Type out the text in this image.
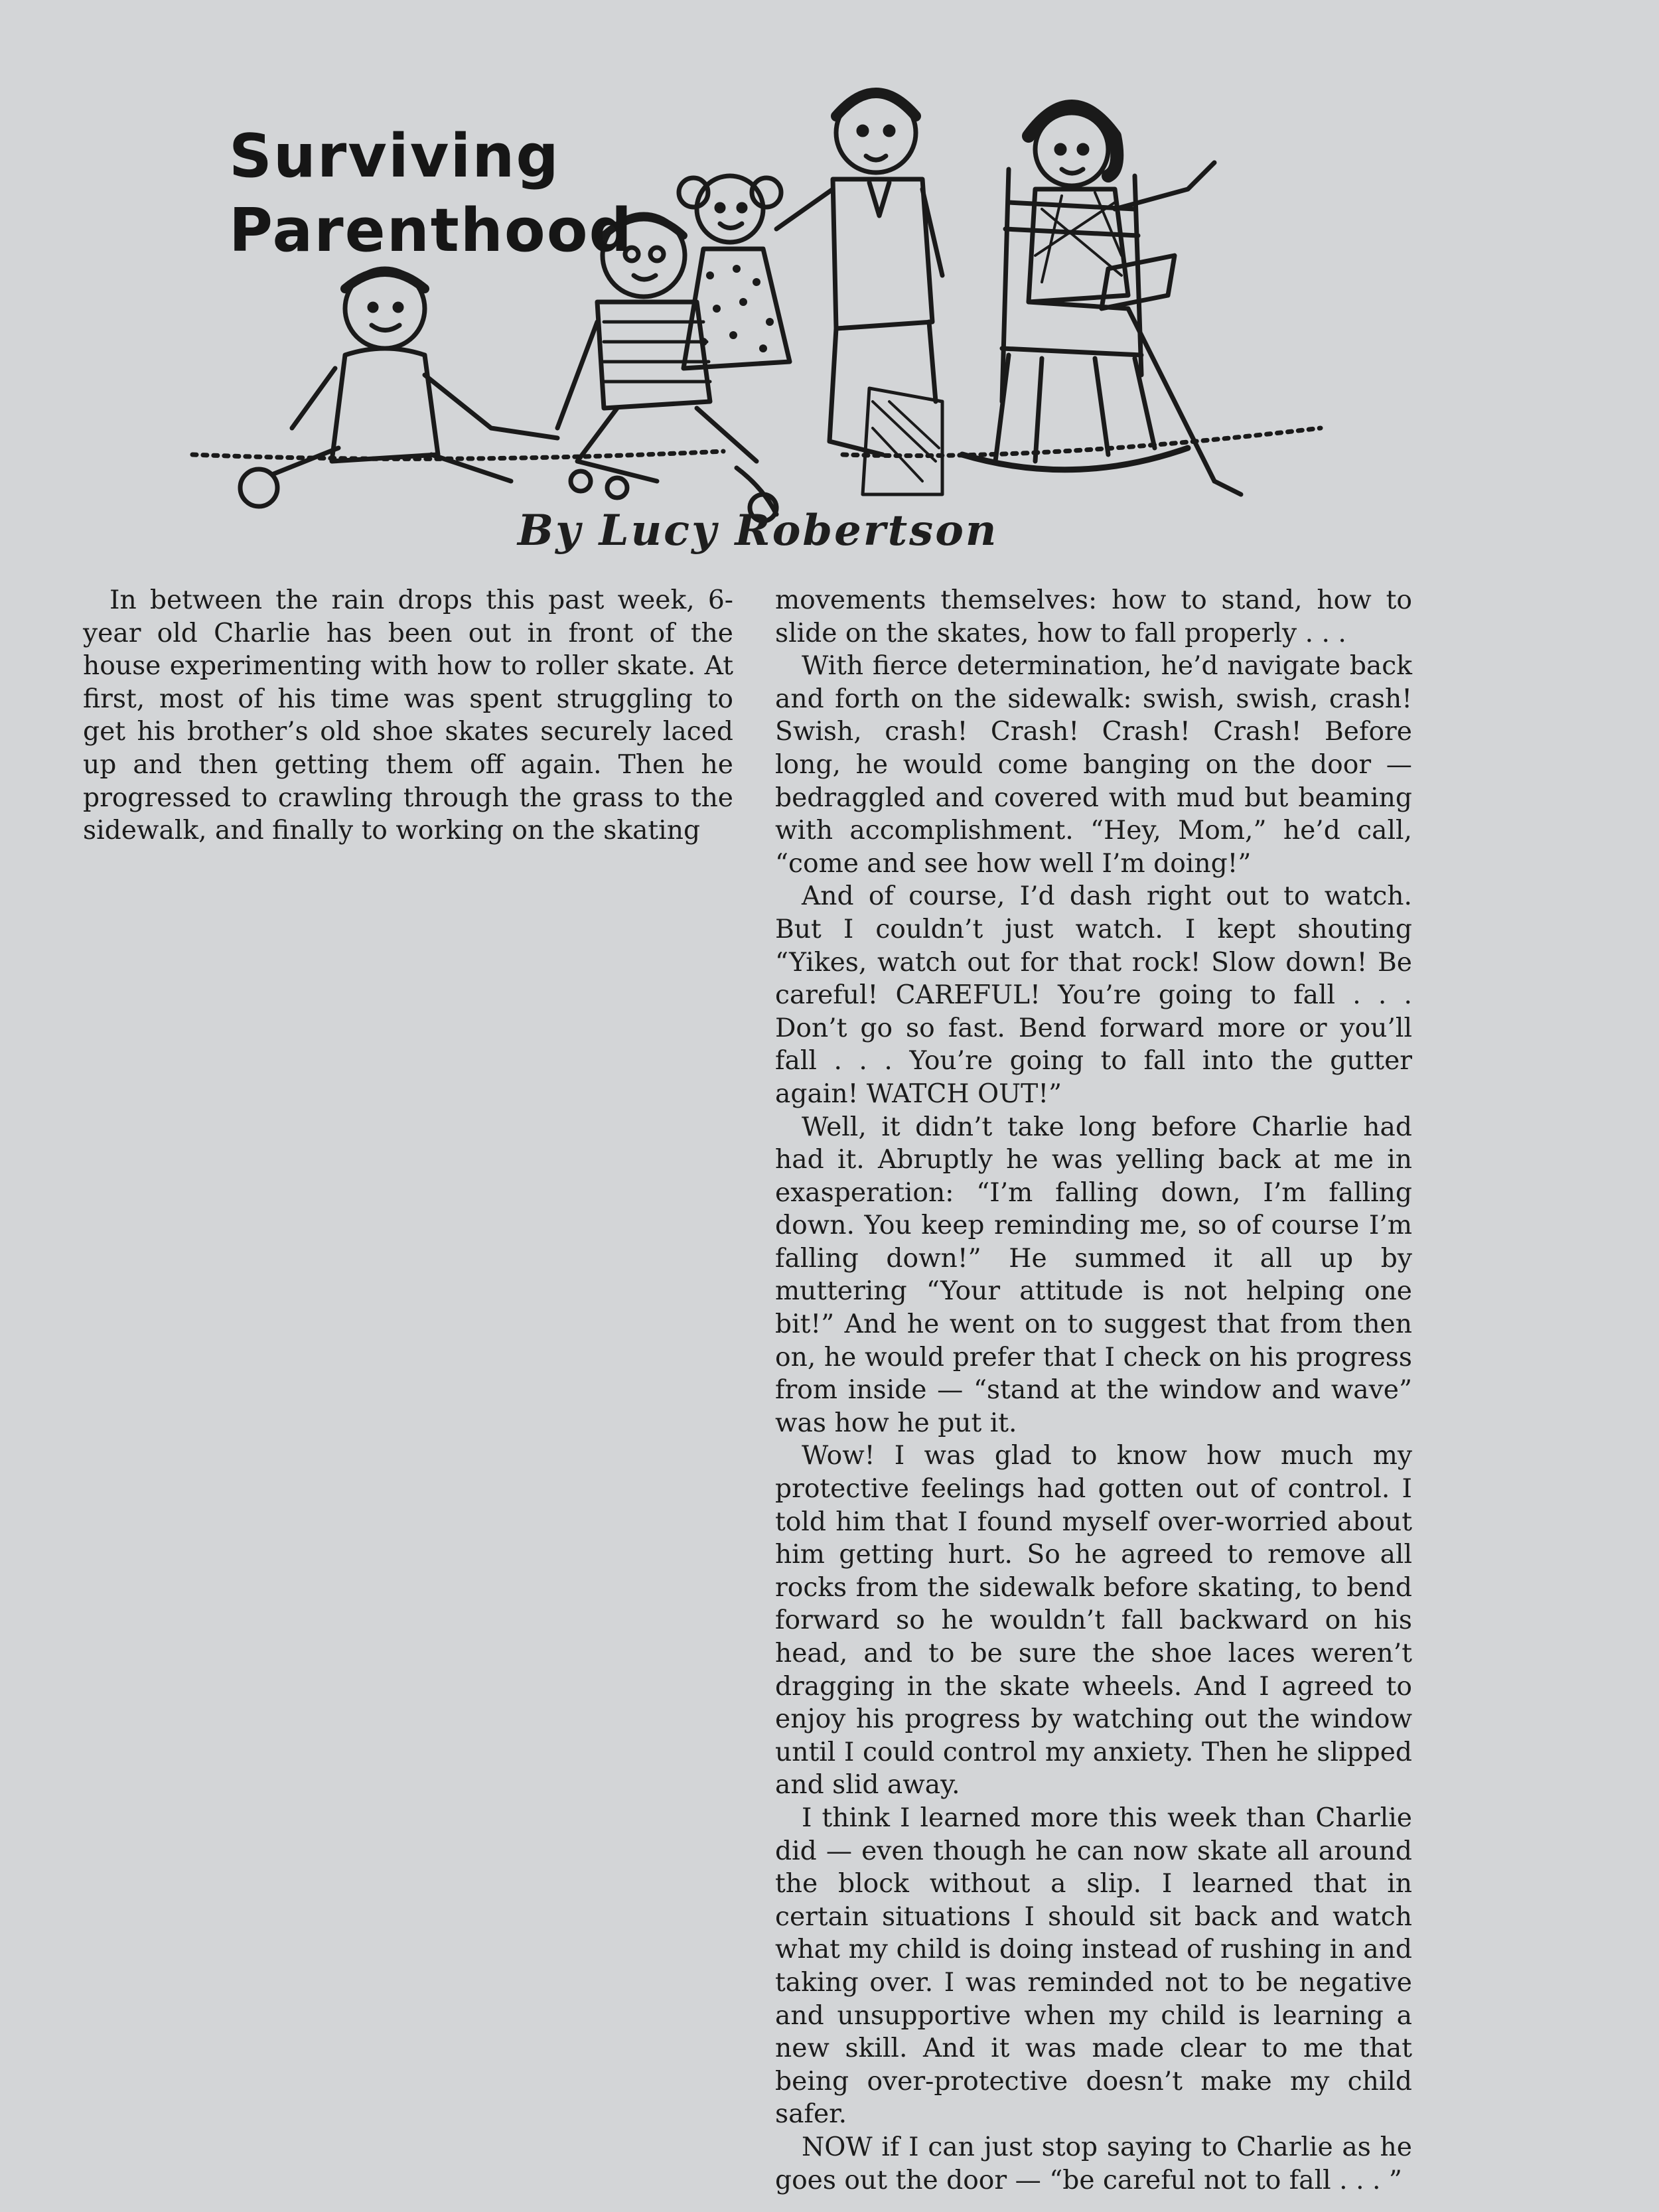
Surviving
Parenthood
By Lucy Robertson

In between the rain drops this past week, 6-year old Charlie has been out in front of the house experimenting with how to roller skate. At first, most of his time was spent struggling to get his brother’s old shoe skates securely laced up and then getting them off again. Then he progressed to crawling through the grass to the sidewalk, and finally to working on the skating

movements themselves: how to stand, how to slide on the skates, how to fall properly . . .

With fierce determination, he’d navigate back and forth on the sidewalk: swish, swish, crash! Swish, crash! Crash! Crash! Crash! Before long, he would come banging on the door — bedraggled and covered with mud but beaming with accomplishment. “Hey, Mom,” he’d call, “come and see how well I’m doing!”

And of course, I’d dash right out to watch. But I couldn’t just watch. I kept shouting “Yikes, watch out for that rock! Slow down! Be careful! CAREFUL! You’re going to fall . . . Don’t go so fast. Bend forward more or you’ll fall . . . You’re going to fall into the gutter again! WATCH OUT!”

Well, it didn’t take long before Charlie had had it. Abruptly he was yelling back at me in exasperation: “I’m falling down, I’m falling down. You keep reminding me, so of course I’m falling down!” He summed it all up by muttering “Your attitude is not helping one bit!” And he went on to suggest that from then on, he would prefer that I check on his progress from inside — “stand at the window and wave” was how he put it.

Wow! I was glad to know how much my protective feelings had gotten out of control. I told him that I found myself over-worried about him getting hurt. So he agreed to remove all rocks from the sidewalk before skating, to bend forward so he wouldn’t fall backward on his head, and to be sure the shoe laces weren’t dragging in the skate wheels. And I agreed to enjoy his progress by watching out the window until I could control my anxiety. Then he slipped and slid away.

I think I learned more this week than Charlie did — even though he can now skate all around the block without a slip. I learned that in certain situations I should sit back and watch what my child is doing instead of rushing in and taking over. I was reminded not to be negative and unsupportive when my child is learning a new skill. And it was made clear to me that being over-protective doesn’t make my child safer.

NOW if I can just stop saying to Charlie as he goes out the door — “be careful not to fall . . . ”
